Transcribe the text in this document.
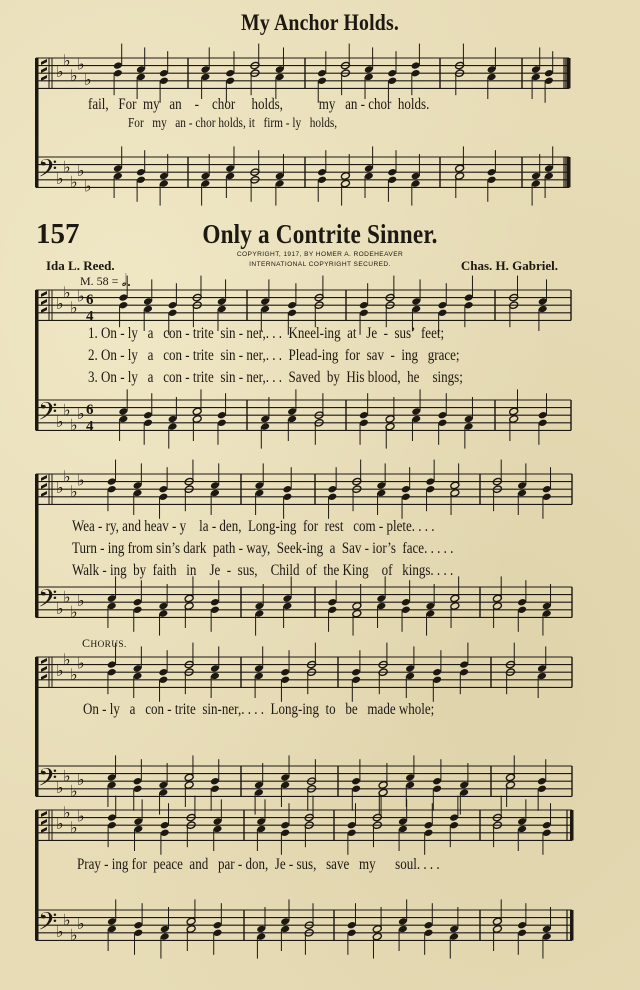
My Anchor Holds.
♭
♭
♭
♭
♭
𝄢
♭
♭
♭
♭
♭
♭
♭
♭
♭ 6
4
𝄢
♭
♭
♭
♭ 6
4
♭
♭
♭
♭
𝄢
♭
♭
♭
♭
♭
♭
♭
♭
𝄢
♭
♭
♭
♭
♭
♭
♭
♭
𝄢
♭
♭
♭
♭
fail,   For  my   an    -    chor     holds,           my   an - chor  holds.
For   my   an - chor holds, it   firm - ly   holds,
157	Only a Contrite Sinner.
COPYRIGHT, 1917, BY HOMER A. RODEHEAVER
INTERNATIONAL COPYRIGHT SECURED.
Ida L. Reed.	Chas. H. Gabriel.
M. 58 = 𝅗𝅥.
1. On - ly   a   con - trite  sin - ner,. . .  Kneel-ing  at   Je  -  sus’  feet;
2. On - ly   a   con - trite  sin - ner,. . .  Plead-ing  for  sav  -  ing   grace;
3. On - ly   a   con - trite  sin - ner,. . .  Saved  by  His blood,  he    sings;
Wea - ry, and heav - y    la - den,  Long-ing  for  rest   com - plete. . . .
Turn - ing from sin’s dark  path - way,  Seek-ing  a  Sav - ior’s  face. . . . .
Walk - ing  by  faith   in    Je  -  sus,    Child  of  the King    of   kings. . . .
CHORUS.
On - ly   a   con - trite  sin-ner,. . . .  Long-ing  to   be   made whole;
Pray - ing for  peace  and   par - don,  Je - sus,   save   my      soul. . . .
